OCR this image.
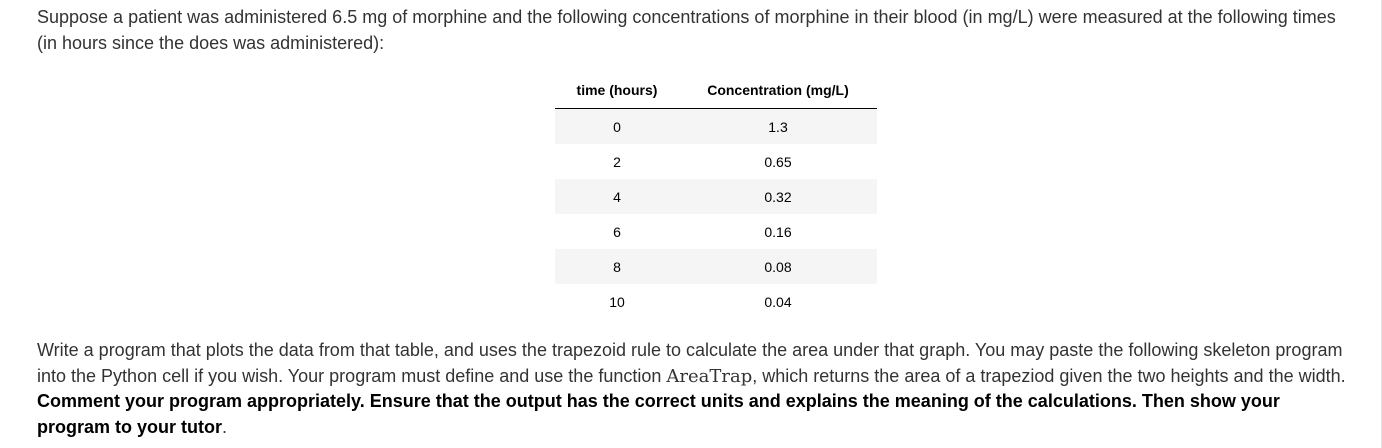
Suppose a patient was administered 6.5 mg of morphine and the following concentrations of morphine in their blood (in mg/L) were measured at the following times (in hours since the does was administered):

time (hours)	Concentration (mg/L)
0	1.3
2	0.65
4	0.32
6	0.16
8	0.08
10	0.04

Write a program that plots the data from that table, and uses the trapezoid rule to calculate the area under that graph. You may paste the following skeleton program into the Python cell if you wish. Your program must define and use the function AreaTrap, which returns the area of a trapeziod given the two heights and the width. Comment your program appropriately. Ensure that the output has the correct units and explains the meaning of the calculations. Then show your program to your tutor.
